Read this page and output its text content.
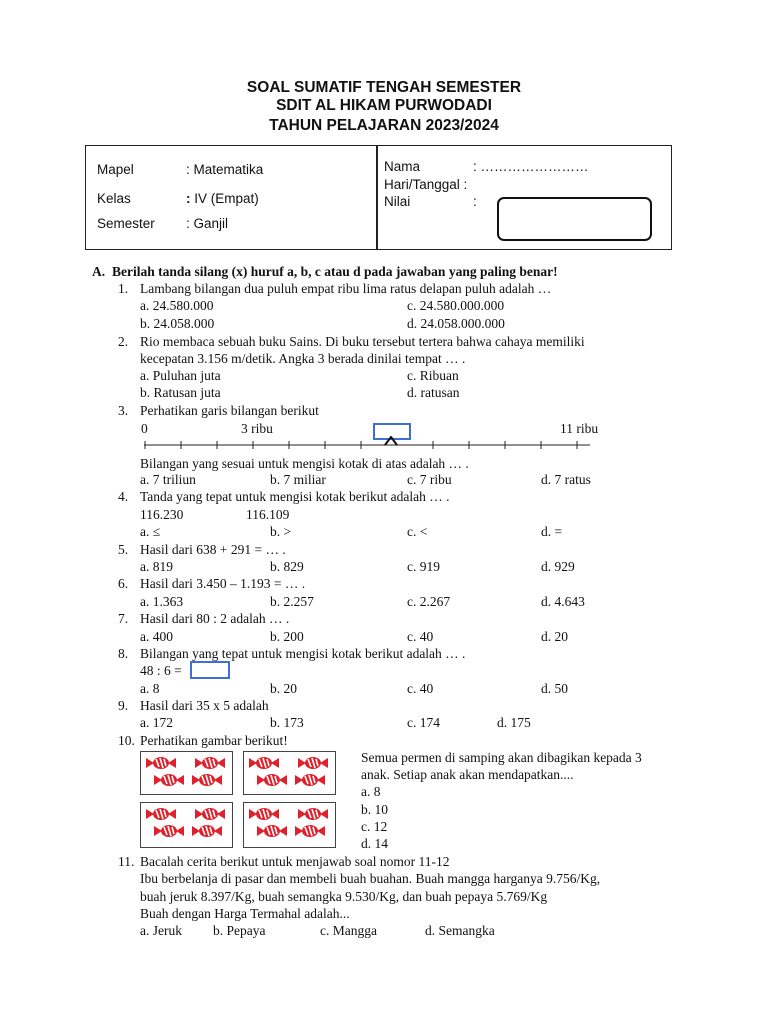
SOAL SUMATIF TENGAH SEMESTER
SDIT AL HIKAM PURWODADI
TAHUN PELAJARAN 2023/2024
Mapel	: Matematika
Kelas	: IV (Empat)
Semester : Ganjil
Nama	: ……………………
Hari/Tanggal :
Nilai	:
A. Berilah tanda silang (x) huruf a, b, c atau d pada jawaban yang paling benar!
1. Lambang bilangan dua puluh empat ribu lima ratus delapan puluh adalah …
a. 24.580.000	c. 24.580.000.000
b. 24.058.000	d. 24.058.000.000
2. Rio membaca sebuah buku Sains. Di buku tersebut tertera bahwa cahaya memiliki
kecepatan 3.156 m/detik. Angka 3 berada dinilai tempat … .
a. Puluhan juta	c. Ribuan
b. Ratusan juta	d. ratusan
3. Perhatikan garis bilangan berikut
0	3 ribu	11 ribu
Bilangan yang sesuai untuk mengisi kotak di atas adalah … .
a. 7 triliun	b. 7 miliar	c. 7 ribu	d. 7 ratus
4. Tanda yang tepat untuk mengisi kotak berikut adalah … .
116.230	116.109
a. ≤	b. >	c. <	d. =
5. Hasil dari 638 + 291 = … .
a. 819	b. 829	c. 919	d. 929
6. Hasil dari 3.450 – 1.193 = … .
a. 1.363	b. 2.257	c. 2.267	d. 4.643
7. Hasil dari 80 : 2 adalah … .
a. 400	b. 200	c. 40	d. 20
8. Bilangan yang tepat untuk mengisi kotak berikut adalah … .
48 : 6 =
a. 8	b. 20	c. 40	d. 50
9. Hasil dari 35 x 5 adalah
a. 172	b. 173	c. 174	d. 175
10. Perhatikan gambar berikut!
Semua permen di samping akan dibagikan kepada 3
anak. Setiap anak akan mendapatkan....
a. 8
b. 10
c. 12
d. 14
11. Bacalah cerita berikut untuk menjawab soal nomor 11-12
Ibu berbelanja di pasar dan membeli buah buahan. Buah mangga harganya 9.756/Kg,
buah jeruk 8.397/Kg, buah semangka 9.530/Kg, dan buah pepaya 5.769/Kg
Buah dengan Harga Termahal adalah...
a. Jeruk b. Pepaya	c. Mangga	d. Semangka
